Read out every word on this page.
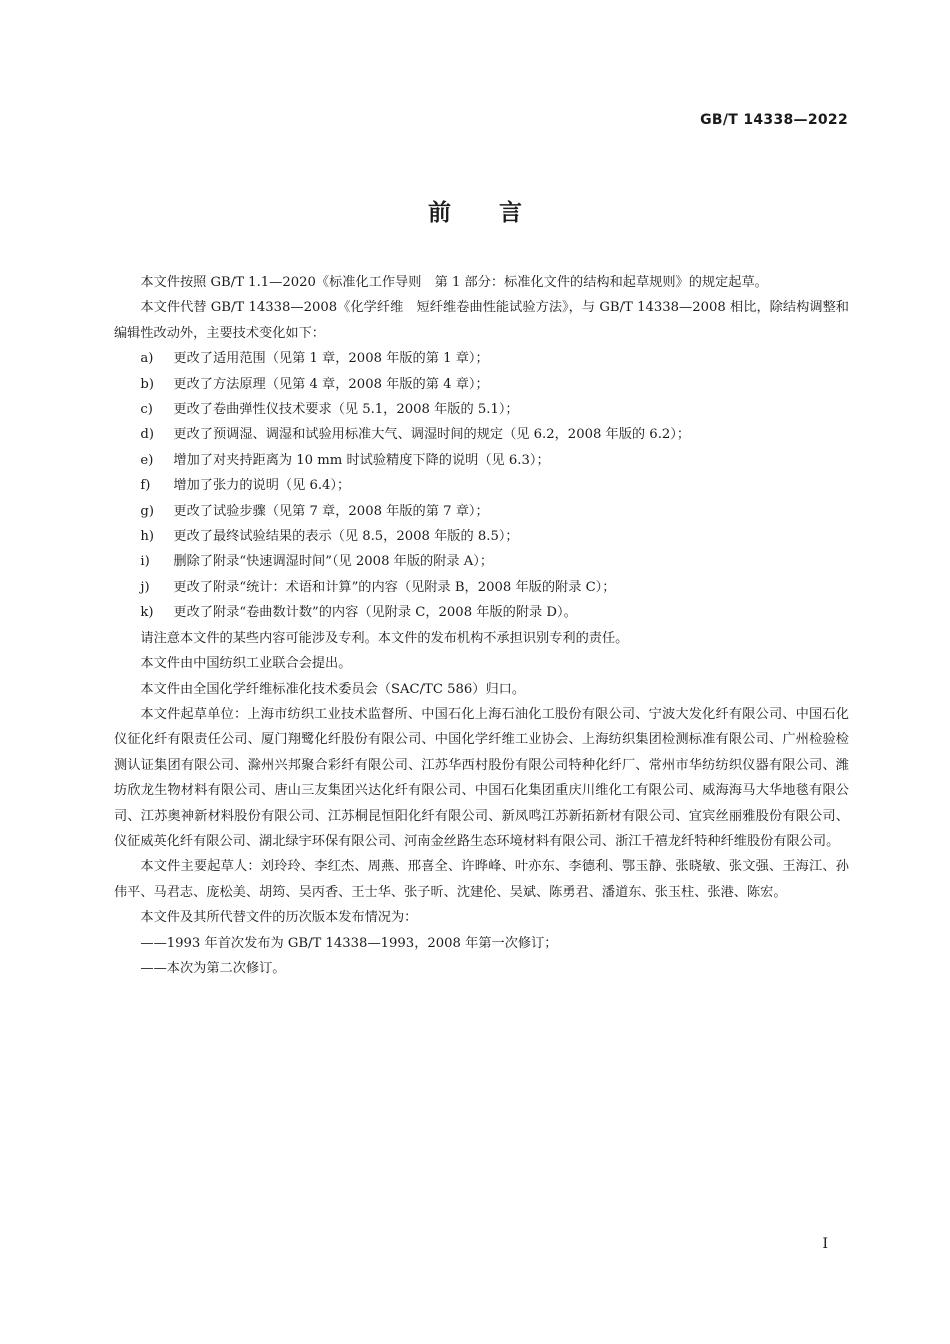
GB/T 14338—2022
前言

本文件按照 GB/T 1.1—2020《标准化工作导则　第 1 部分：标准化文件的结构和起草规则》的规定起草。

本文件代替 GB/T 14338—2008《化学纤维　短纤维卷曲性能试验方法》，与 GB/T 14338—2008 相比，除结构调整和编辑性改动外，主要技术变化如下：

a) 更改了适用范围（见第 1 章，2008 年版的第 1 章）；

b) 更改了方法原理（见第 4 章，2008 年版的第 4 章）；

c) 更改了卷曲弹性仪技术要求（见 5.1，2008 年版的 5.1）；

d) 更改了预调湿、调湿和试验用标准大气、调湿时间的规定（见 6.2，2008 年版的 6.2）；

e) 增加了对夹持距离为 10 mm 时试验精度下降的说明（见 6.3）；

f) 增加了张力的说明（见 6.4）；

g) 更改了试验步骤（见第 7 章，2008 年版的第 7 章）；

h) 更改了最终试验结果的表示（见 8.5，2008 年版的 8.5）；

i) 删除了附录“快速调湿时间”（见 2008 年版的附录 A）；

j) 更改了附录“统计：术语和计算”的内容（见附录 B，2008 年版的附录 C）；

k) 更改了附录“卷曲数计数”的内容（见附录 C，2008 年版的附录 D）。

请注意本文件的某些内容可能涉及专利。本文件的发布机构不承担识别专利的责任。

本文件由中国纺织工业联合会提出。

本文件由全国化学纤维标准化技术委员会（SAC/TC 586）归口。

本文件起草单位：上海市纺织工业技术监督所、中国石化上海石油化工股份有限公司、宁波大发化纤有限公司、中国石化仪征化纤有限责任公司、厦门翔鹭化纤股份有限公司、中国化学纤维工业协会、上海纺织集团检测标准有限公司、广州检验检测认证集团有限公司、滁州兴邦聚合彩纤有限公司、江苏华西村股份有限公司特种化纤厂、常州市华纺纺织仪器有限公司、潍坊欣龙生物材料有限公司、唐山三友集团兴达化纤有限公司、中国石化集团重庆川维化工有限公司、威海海马大华地毯有限公司、江苏奥神新材料股份有限公司、江苏桐昆恒阳化纤有限公司、新凤鸣江苏新拓新材有限公司、宜宾丝丽雅股份有限公司、仪征威英化纤有限公司、湖北绿宇环保有限公司、河南金丝路生态环境材料有限公司、浙江千禧龙纤特种纤维股份有限公司。

本文件主要起草人：刘玲玲、李红杰、周燕、邢喜全、许晔峰、叶亦东、李德利、鄂玉静、张晓敏、张文强、王海江、孙伟平、马君志、庞松美、胡筠、吴丙香、王士华、张子昕、沈建伦、吴斌、陈勇君、潘道东、张玉柱、张港、陈宏。

本文件及其所代替文件的历次版本发布情况为：

——1993 年首次发布为 GB/T 14338—1993，2008 年第一次修订；

——本次为第二次修订。

I
